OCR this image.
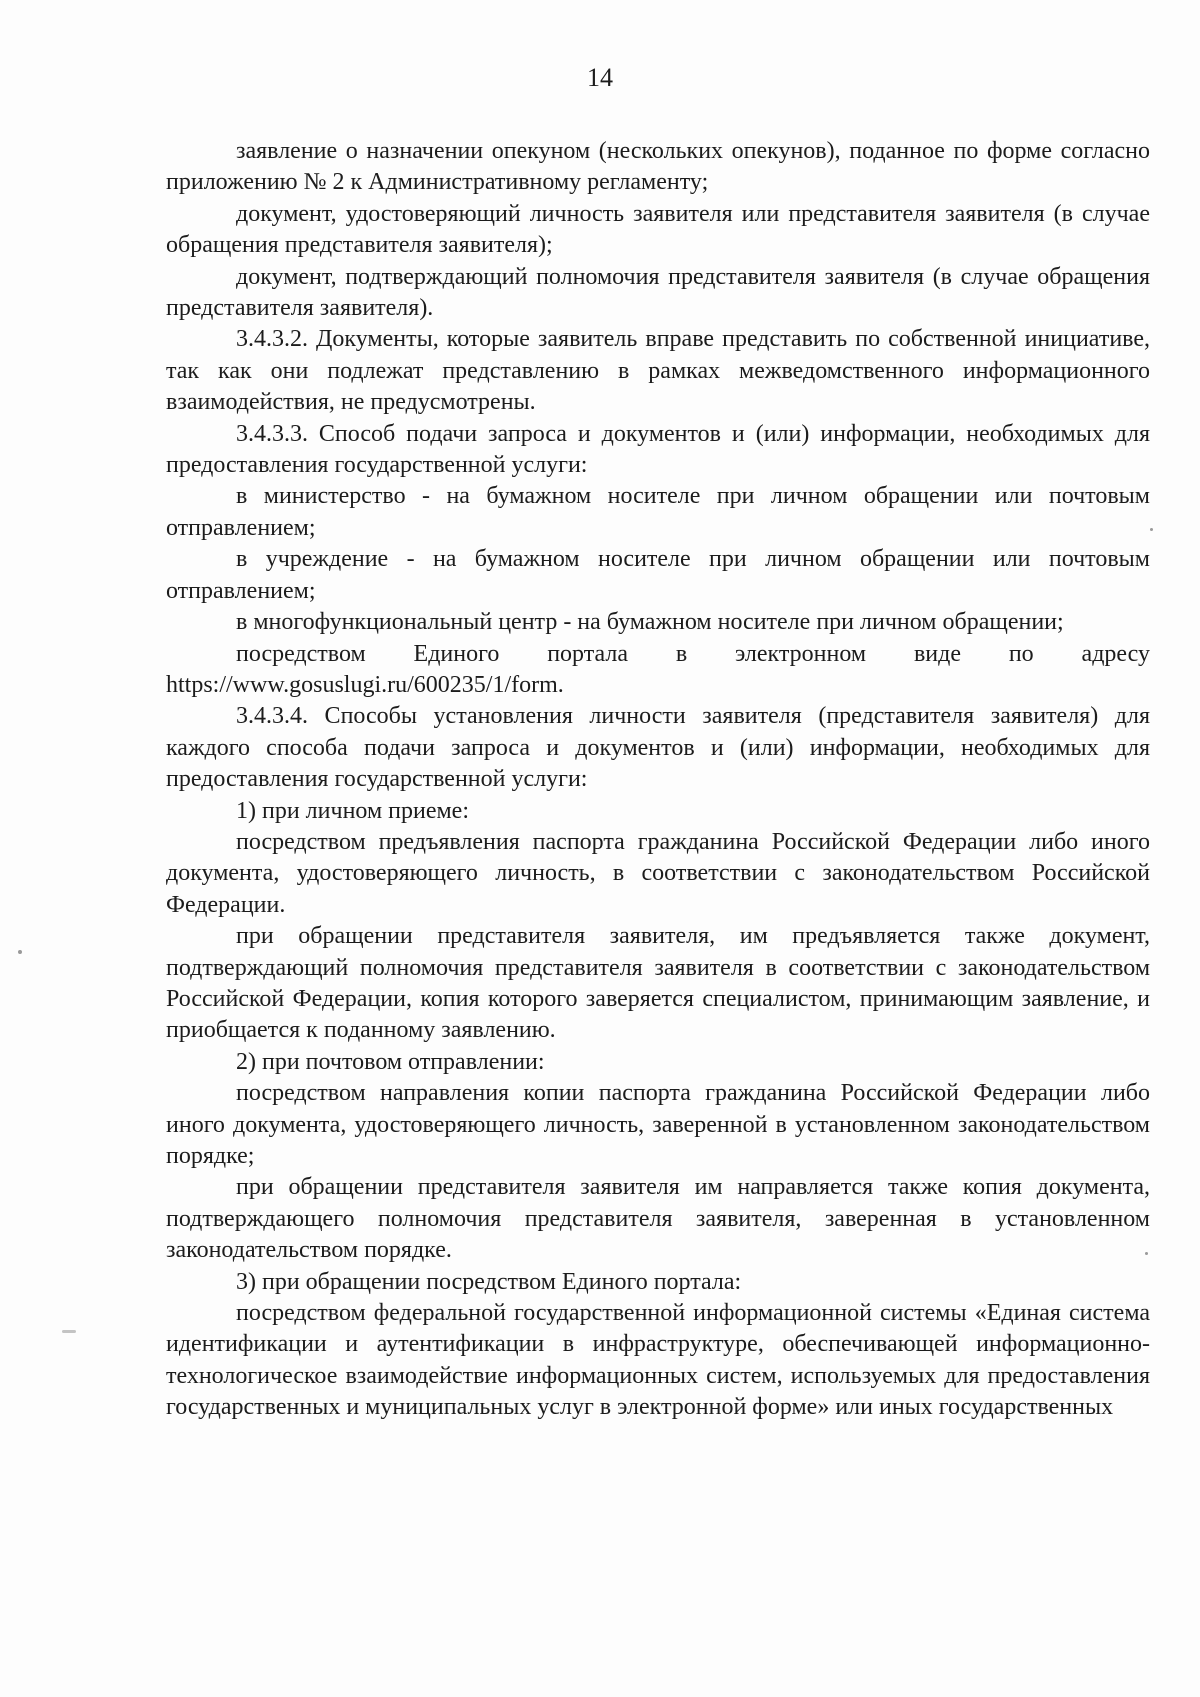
14

заявление о назначении опекуном (нескольких опекунов), поданное по форме согласно приложению № 2 к Административному регламенту;

документ, удостоверяющий личность заявителя или представителя заявителя (в случае обращения представителя заявителя);

документ, подтверждающий полномочия представителя заявителя (в случае обращения представителя заявителя).

3.4.3.2. Документы, которые заявитель вправе представить по собственной инициативе, так как они подлежат представлению в рамках межведомственного информационного взаимодействия, не предусмотрены.

3.4.3.3. Способ подачи запроса и документов и (или) информации, необходимых для предоставления государственной услуги:

в министерство - на бумажном носителе при личном обращении или почтовым отправлением;

в учреждение - на бумажном носителе при личном обращении или почтовым отправлением;

в многофункциональный центр - на бумажном носителе при личном обращении;

посредством Единого портала в электронном виде по адресу https://www.gosuslugi.ru/600235/1/form.

3.4.3.4. Способы установления личности заявителя (представителя заявителя) для каждого способа подачи запроса и документов и (или) информации, необходимых для предоставления государственной услуги:

1) при личном приеме:

посредством предъявления паспорта гражданина Российской Федерации либо иного документа, удостоверяющего личность, в соответствии с законодательством Российской Федерации.

при обращении представителя заявителя, им предъявляется также документ, подтверждающий полномочия представителя заявителя в соответствии с законодательством Российской Федерации, копия которого заверяется специалистом, принимающим заявление, и приобщается к поданному заявлению.

2) при почтовом отправлении:

посредством направления копии паспорта гражданина Российской Федерации либо иного документа, удостоверяющего личность, заверенной в установленном законодательством порядке;

при обращении представителя заявителя им направляется также копия документа, подтверждающего полномочия представителя заявителя, заверенная в установленном законодательством порядке.

3) при обращении посредством Единого портала:

посредством федеральной государственной информационной системы «Единая система идентификации и аутентификации в инфраструктуре, обеспечивающей информационно-технологическое взаимодействие информационных систем, используемых для предоставления государственных и муниципальных услуг в электронной форме» или иных государственных
